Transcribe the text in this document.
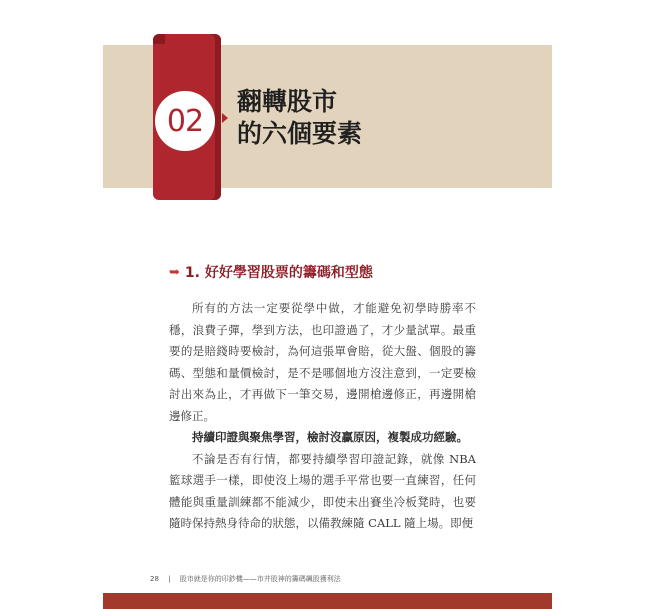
02
翻轉股市
的六個要素
➥ 1. 好好學習股票的籌碼和型態

所有的方法一定要從學中做，才能避免初學時勝率不穩，浪費子彈，學到方法，也印證過了，才少量試單。最重要的是賠錢時要檢討，為何這張單會賠，從大盤、個股的籌碼、型態和量價檢討，是不是哪個地方沒注意到，一定要檢討出來為止，才再做下一筆交易，邊開槍邊修正，再邊開槍邊修正。

持續印證與聚焦學習，檢討沒贏原因，複製成功經驗。

不論是否有行情，都要持續學習印證記錄，就像 NBA 籃球選手一樣，即使沒上場的選手平常也要一直練習，任何體能與重量訓練都不能減少，即使未出賽坐冷板凳時，也要隨時保持熱身待命的狀態，以備教練隨 CALL 隨上場。即便

28 | 股市就是你的印鈔機——市井股神的籌碼飆股獲利法
